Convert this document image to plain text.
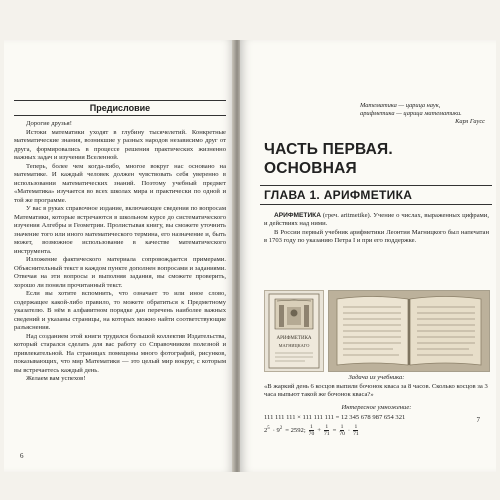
Предисловие

Дорогие друзья!

Истоки математики уходят в глубину тысячелетий. Конкретные математические знания, возникшие у разных народов независимо друг от друга, формировались в процессе решения практических жизненно важных задач и изучения Вселенной.

Теперь, более чем когда-либо, многое вокруг нас основано на математике. И каждый человек должен чувствовать себя уверенно в использовании математических знаний. Поэтому учебный предмет «Математика» изучается во всех школах мира и практически по одной и той же программе.

У вас в руках справочное издание, включающее сведения по вопросам Математики, которые встречаются в школьном курсе до систематического изучения Алгебры и Геометрии. Пролистывая книгу, вы сможете уточнить значение того или иного математического термина, его назначение и, быть может, возможное использование в качестве математического инструмента.

Изложение фактического материала сопровождается примерами. Объяснительный текст в каждом пункте дополнен вопросами и заданиями. Отвечая на эти вопросы и выполняя задания, вы сможете проверить, хорошо ли поняли прочитанный текст.

Если вы хотите вспомнить, что означает то или иное слово, содержащее какой-либо правило, то можете обратиться к Предметному указателю. В нём в алфавитном порядке дан перечень наиболее важных сведений и указаны страницы, на которых можно найти соответствующие разъяснения.

Над созданием этой книги трудился большой коллектив Издательства, который старался сделать для вас работу со Справочником полезной и привлекательной. На страницах помещены много фотографий, рисунков, показывающих, что мир Математики — это целый мир вокруг, с которым вы встречаетесь каждый день.

Желаем вам успехов!

6
Математика — царица наук,
арифметика — царица математики.
Карл Гаусс
ЧАСТЬ ПЕРВАЯ.
ОСНОВНАЯ
ГЛАВА 1. АРИФМЕТИКА

АРИФМЕТИКА (греч. aritmetike). Учение о числах, выраженных цифрами, и действиях над ними.

В России первый учебник арифметики Леонтия Магницкого был напечатан в 1703 году по указанию Петра I и при его поддержке.

АРИФМЕТИКА
МАГНИЦКАГО
Задача из учебника:
«В жаркий день 6 косцов выпили бочонок кваса за 8 часов. Сколько косцов за 3 часа выпьют такой же бочонок кваса?»
Интересное умножение:
111 111 111 × 111 111 111 = 12 345 678 987 654 321
$2^5 \cdot 9^2 = 2592$; $\frac{1}{70} + \frac{1}{71} = \frac{1}{70} \cdot \frac{1}{71}$
7
